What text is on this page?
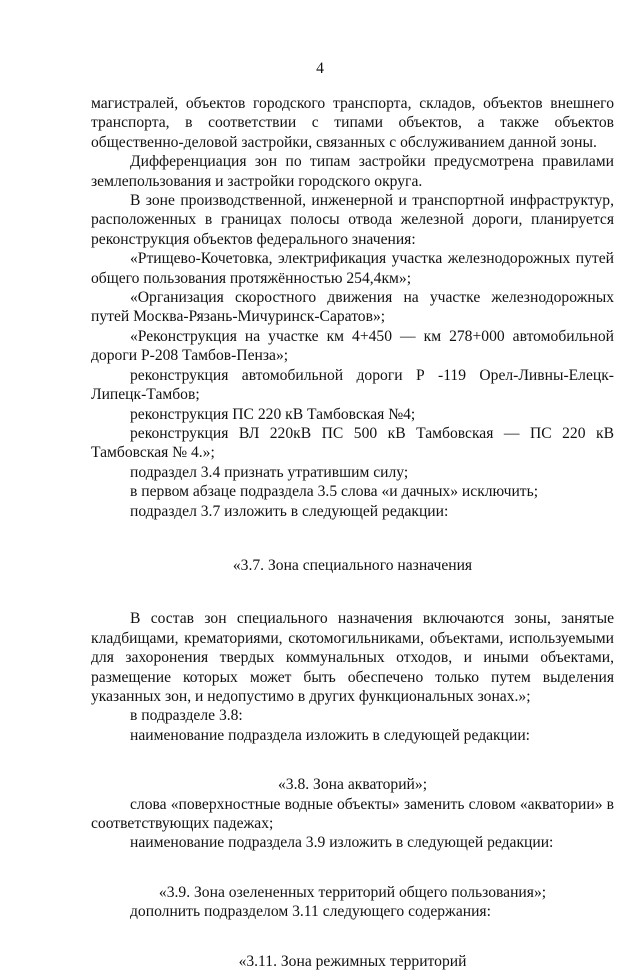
4

магистралей, объектов городского транспорта, складов, объектов внешнего транспорта, в соответствии с типами объектов, а также объектов общественно-деловой застройки, связанных с обслуживанием данной зоны.

Дифференциация зон по типам застройки предусмотрена правилами землепользования и застройки городского округа.

В зоне производственной, инженерной и транспортной инфраструктур, расположенных в границах полосы отвода железной дороги, планируется реконструкция объектов федерального значения:

«Ртищево-Кочетовка, электрификация участка железнодорожных путей общего пользования протяжённостью 254,4км»;

«Организация скоростного движения на участке железнодорожных путей Москва-Рязань-Мичуринск-Саратов»;

«Реконструкция на участке км 4+450 — км 278+000 автомобильной дороги Р-208 Тамбов-Пенза»;

реконструкция автомобильной дороги Р -119 Орел-Ливны-Елецк-Липецк-Тамбов;

реконструкция ПС 220 кВ Тамбовская №4;

реконструкция ВЛ 220кВ ПС 500 кВ Тамбовская — ПС 220 кВ Тамбовская № 4.»;

подраздел 3.4 признать утратившим силу;

в первом абзаце подраздела 3.5 слова «и дачных» исключить;

подраздел 3.7 изложить в следующей редакции:

«3.7. Зона специального назначения

В состав зон специального назначения включаются зоны, занятые кладбищами, крематориями, скотомогильниками, объектами, используемыми для захоронения твердых коммунальных отходов, и иными объектами, размещение которых может быть обеспечено только путем выделения указанных зон, и недопустимо в других функциональных зонах.»;

в подразделе 3.8:

наименование подраздела изложить в следующей редакции:

«3.8. Зона акваторий»;

слова «поверхностные водные объекты» заменить словом «акватории» в соответствующих падежах;

наименование подраздела 3.9 изложить в следующей редакции:

«3.9. Зона озелененных территорий общего пользования»;

дополнить подразделом 3.11 следующего содержания:

«3.11. Зона режимных территорий
